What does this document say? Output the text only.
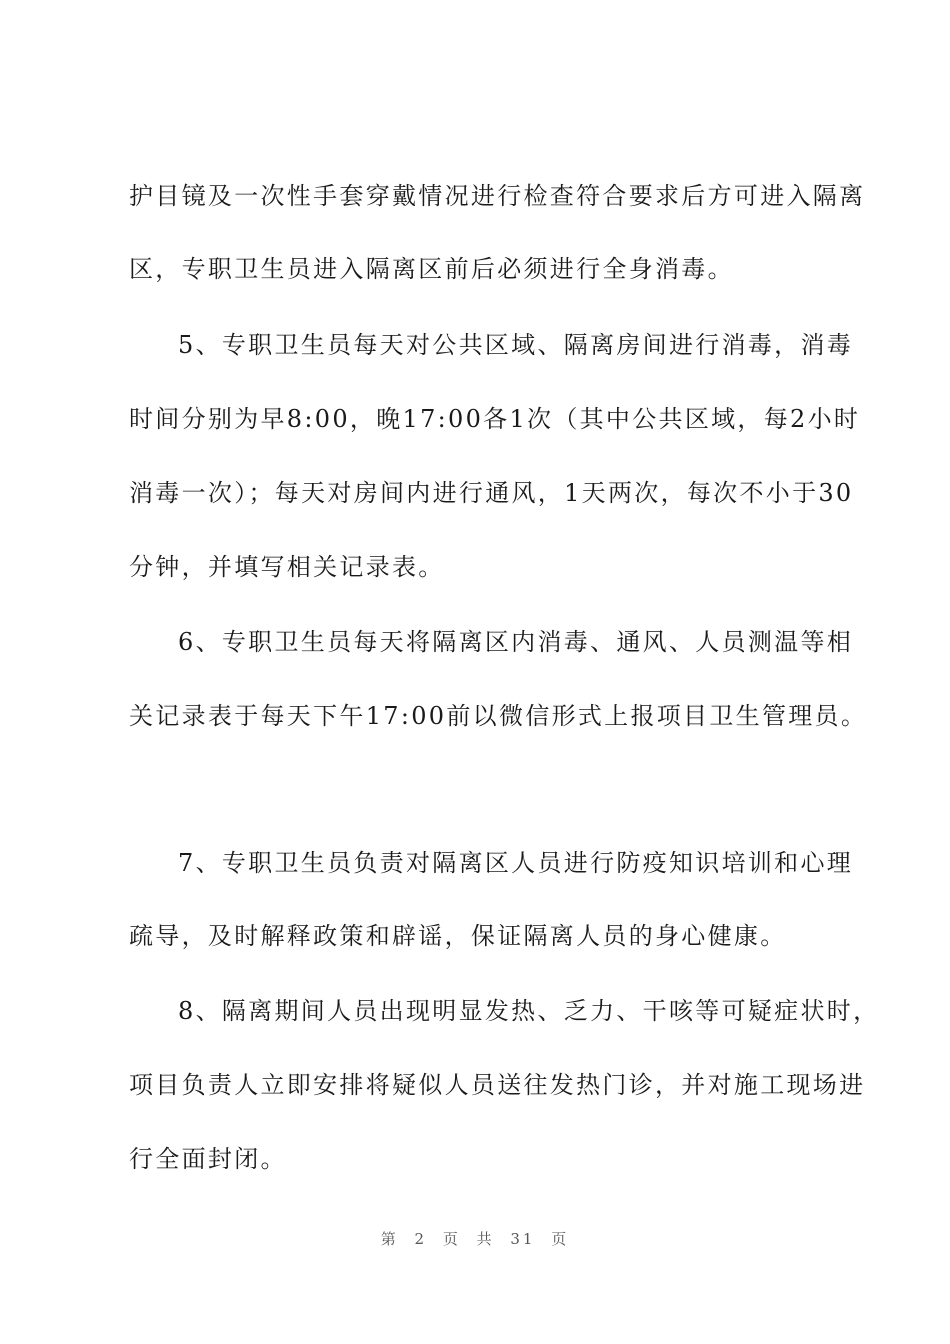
护目镜及一次性手套穿戴情况进行检查符合要求后方可进入隔离
区，专职卫生员进入隔离区前后必须进行全身消毒。
5、专职卫生员每天对公共区域、隔离房间进行消毒，消毒
时间分别为早8:00，晚17:00各1次（其中公共区域，每2小时
消毒一次）；每天对房间内进行通风，1天两次，每次不小于30
分钟，并填写相关记录表。
6、专职卫生员每天将隔离区内消毒、通风、人员测温等相
关记录表于每天下午17:00前以微信形式上报项目卫生管理员。
7、专职卫生员负责对隔离区人员进行防疫知识培训和心理
疏导，及时解释政策和辟谣，保证隔离人员的身心健康。
8、隔离期间人员出现明显发热、乏力、干咳等可疑症状时，
项目负责人立即安排将疑似人员送往发热门诊，并对施工现场进
行全面封闭。
第 2 页 共 31 页
